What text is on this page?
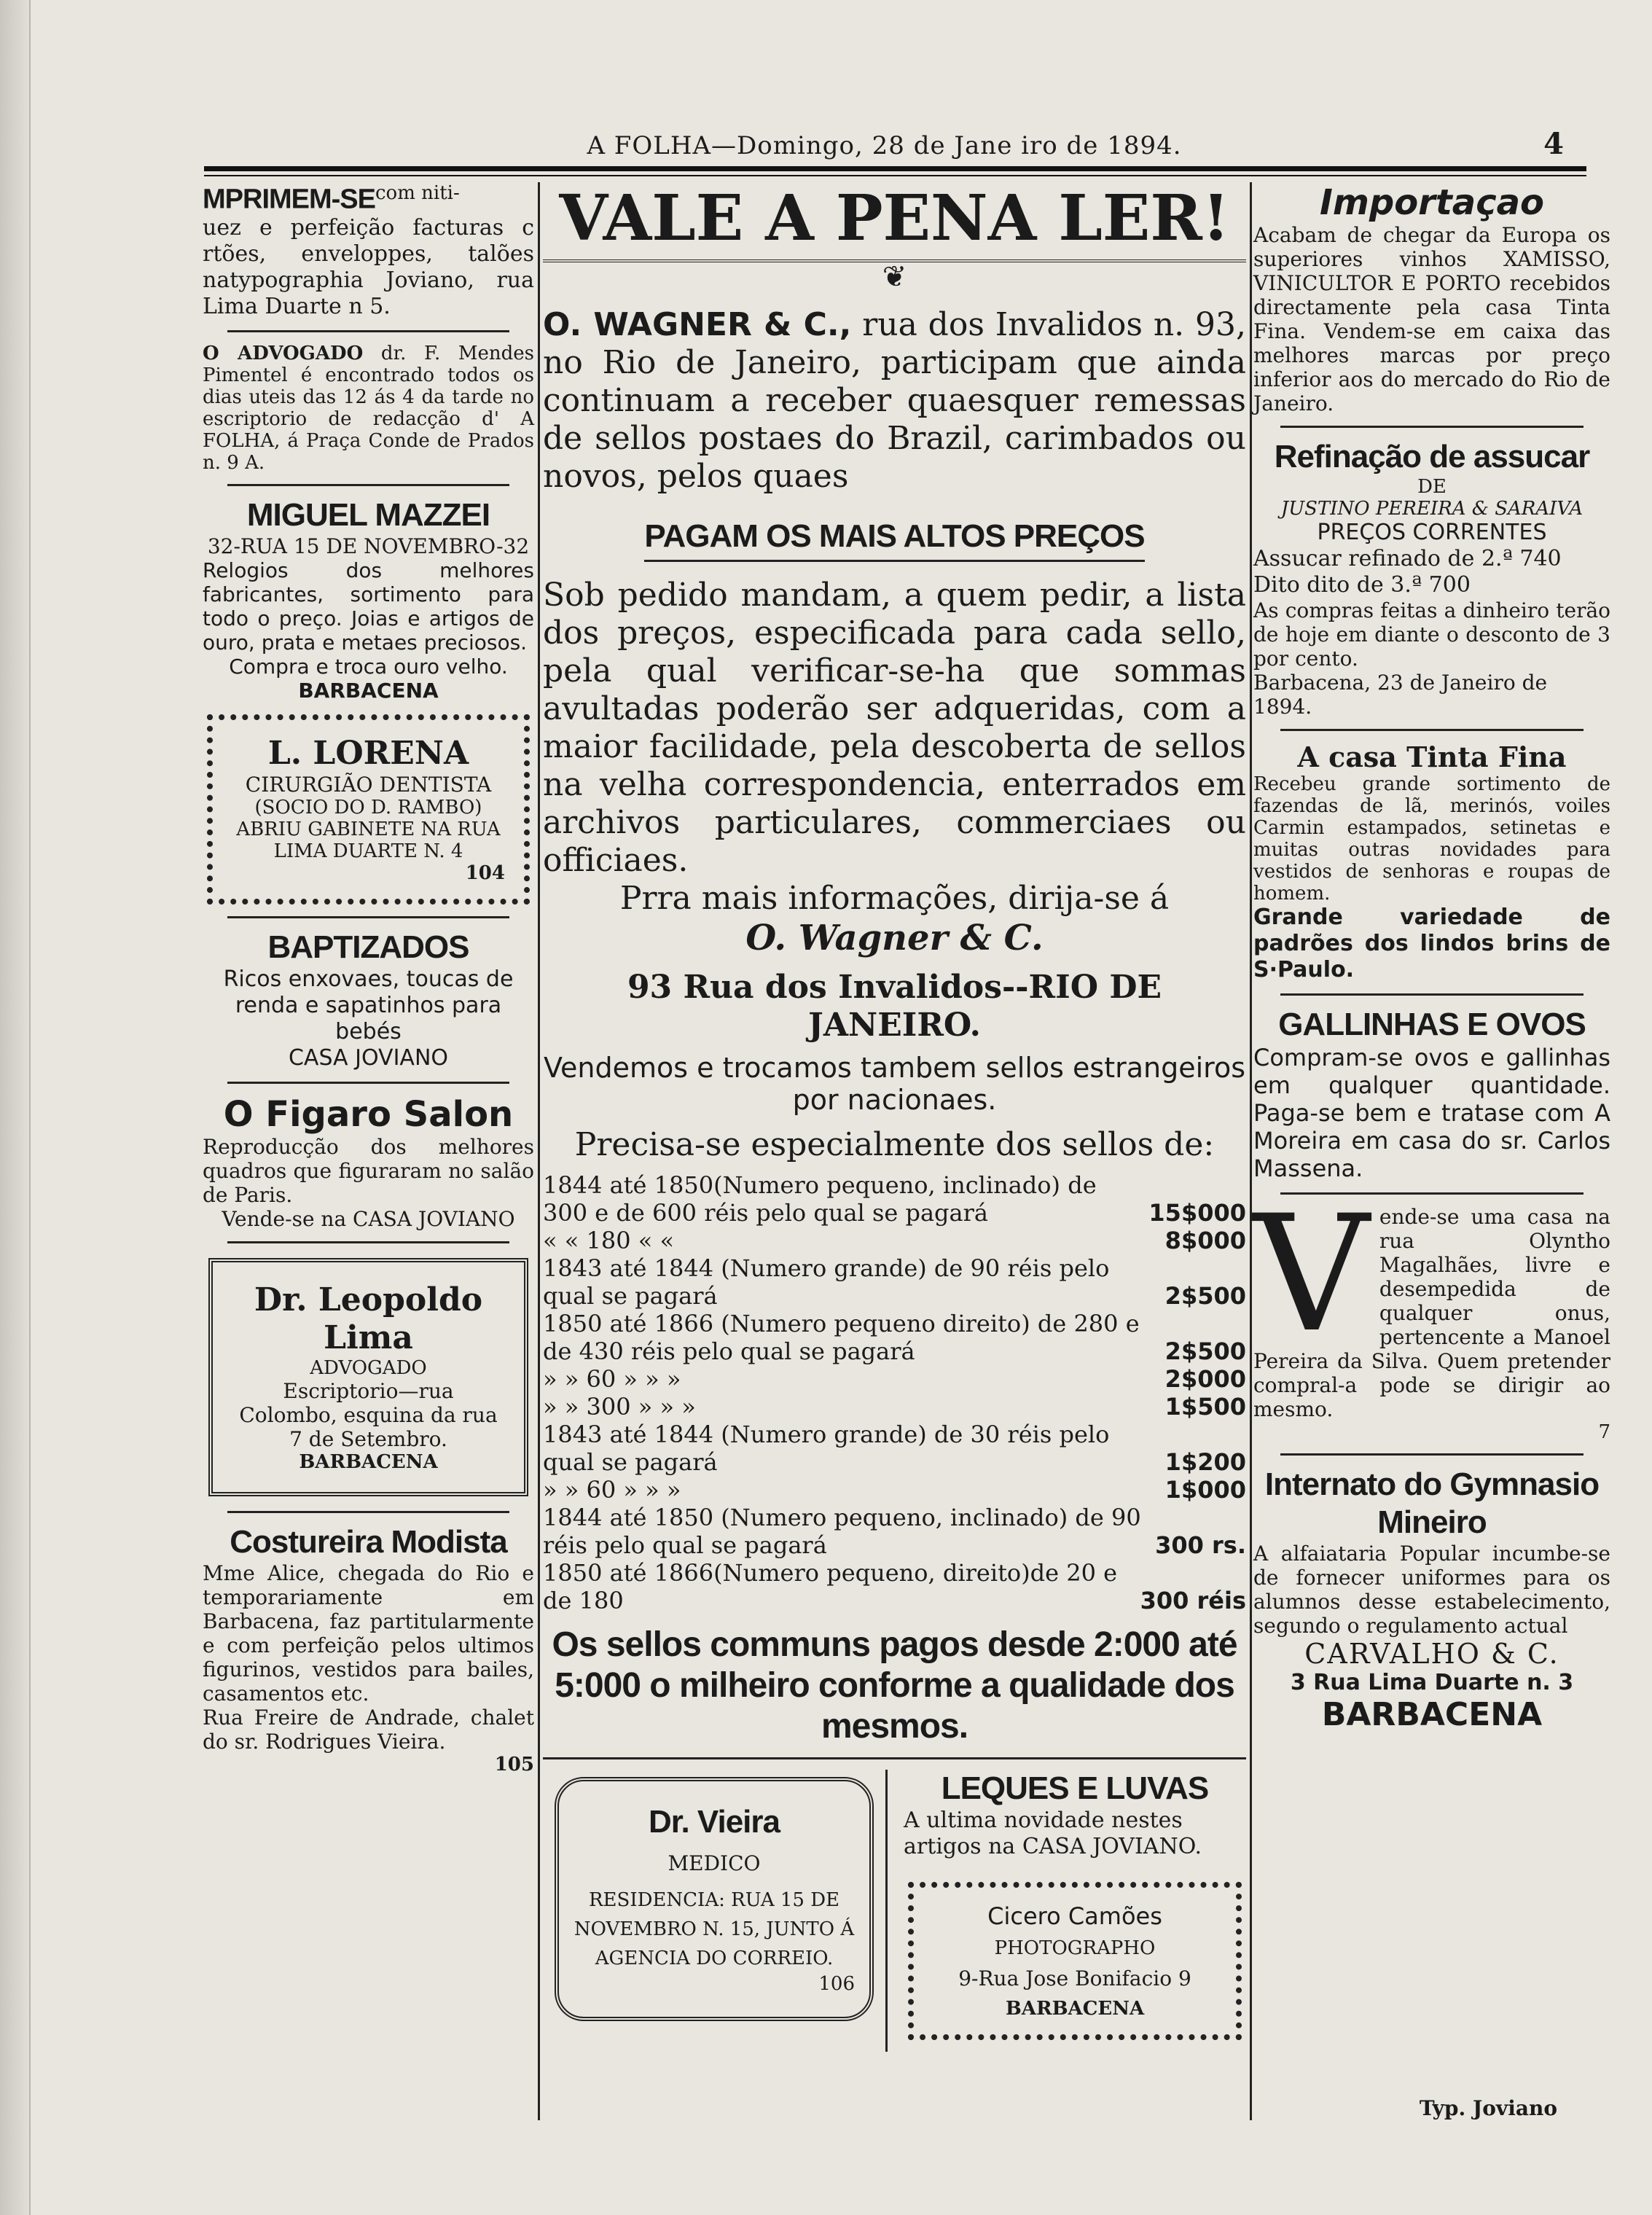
A FOLHA—Domingo, 28 de Jane iro de 1894.	4

MPRIMEM-$SE^{com niti-}$

uez e perfeição facturas c rtões, enveloppes, talões natypographia Joviano, rua Lima Duarte n 5.

O ADVOGADO dr. F. Mendes Pimentel é encontrado todos os dias uteis das 12 ás 4 da tarde no escriptorio de redacção d' A FOLHA, á Praça Conde de Prados n. 9 A.

MIGUEL MAZZEI

32-RUA 15 DE NOVEMBRO-32

Relogios dos melhores fabricantes, sortimento para todo o preço. Joias e artigos de ouro, prata e metaes preciosos.

Compra e troca ouro velho.

BARBACENA

L. LORENA

CIRURGIÃO DENTISTA

(SOCIO DO D. RAMBO)

ABRIU GABINETE NA RUA LIMA DUARTE N. 4

104

BAPTIZADOS

Ricos enxovaes, toucas de renda e sapatinhos para bebés

CASA JOVIANO

O Figaro Salon

Reproducção dos melhores quadros que figuraram no salão de Paris.

Vende-se na CASA JOVIANO

Dr. Leopoldo Lima

ADVOGADO

Escriptorio—rua Colombo, esquina da rua 7 de Setembro.

BARBACENA

Costureira Modista

Mme Alice, chegada do Rio e temporariamente em Barbacena, faz partitularmente e com perfeição pelos ultimos figurinos, vestidos para bailes, casamentos etc.

Rua Freire de Andrade, chalet do sr. Rodrigues Vieira.

105

VALE A PENA LER!

❦

O. WAGNER & C., rua dos Invalidos n. 93, no Rio de Janeiro, participam que ainda continuam a receber quaesquer remessas de sellos postaes do Brazil, carimbados ou novos, pelos quaes

PAGAM OS MAIS ALTOS PREÇOS

Sob pedido mandam, a quem pedir, a lista dos preços, especificada para cada sello, pela qual verificar-se-ha que sommas avultadas poderão ser adqueridas, com a maior facilidade, pela descoberta de sellos na velha correspondencia, enterrados em archivos particulares, commerciaes ou officiaes.

Prra mais informações, dirija-se á

O. Wagner & C.

93 Rua dos Invalidos--RIO DE JANEIRO.

Vendemos e trocamos tambem sellos estrangeiros por nacionaes.

Precisa-se especialmente dos sellos de:

1844 até 1850(Numero pequeno, inclinado) de 300 e de 600 réis pelo qual se pagará	15$000
« « 180 « «	8$000
1843 até 1844 (Numero grande) de 90 réis pelo qual se pagará	2$500
1850 até 1866 (Numero pequeno direito) de 280 e de 430 réis pelo qual se pagará	2$500
» » 60 » » »	2$000
» » 300 » » »	1$500
1843 até 1844 (Numero grande) de 30 réis pelo qual se pagará	1$200
» » 60 » » »	1$000
1844 até 1850 (Numero pequeno, inclinado) de 90 réis pelo qual se pagará	300 rs.
1850 até 1866(Numero pequeno, direito)de 20 e de 180	300 réis

Os sellos communs pagos desde 2:000 até 5:000 o milheiro conforme a qualidade dos mesmos.

Dr. Vieira

MEDICO

RESIDENCIA: RUA 15 DE NOVEMBRO N. 15, JUNTO Á AGENCIA DO CORREIO.

106

LEQUES E LUVAS

A ultima novidade nestes artigos na CASA JOVIANO.

Cicero Camões

PHOTOGRAPHO

9-Rua Jose Bonifacio 9

BARBACENA

Importaçao

Acabam de chegar da Europa os superiores vinhos XAMISSO, VINICULTOR E PORTO recebidos directamente pela casa Tinta Fina. Vendem-se em caixa das melhores marcas por preço inferior aos do mercado do Rio de Janeiro.

Refinação de assucar

DE

JUSTINO PEREIRA & SARAIVA

PREÇOS CORRENTES

Assucar refinado de 2.ª 740

Dito dito de 3.ª 700

As compras feitas a dinheiro terão de hoje em diante o desconto de 3 por cento.

Barbacena, 23 de Janeiro de 1894.

A casa Tinta Fina

Recebeu grande sortimento de fazendas de lã, merinós, voiles Carmin estampados, setinetas e muitas outras novidades para vestidos de senhoras e roupas de homem.

Grande variedade de padrões dos lindos brins de S·Paulo.

GALLINHAS E OVOS

Compram-se ovos e gallinhas em qualquer quantidade. Paga-se bem e tratase com A Moreira em casa do sr. Carlos Massena.

V ende-se uma casa na rua Olyntho Magalhães, livre e desempedida de qualquer onus, pertencente a Manoel Pereira da Silva. Quem pretender compral-a pode se dirigir ao mesmo.

7

Internato do Gymnasio Mineiro

A alfaiataria Popular incumbe-se de fornecer uniformes para os alumnos desse estabelecimento, segundo o regulamento actual

CARVALHO & C.

3 Rua Lima Duarte n. 3

BARBACENA

Typ. Joviano
